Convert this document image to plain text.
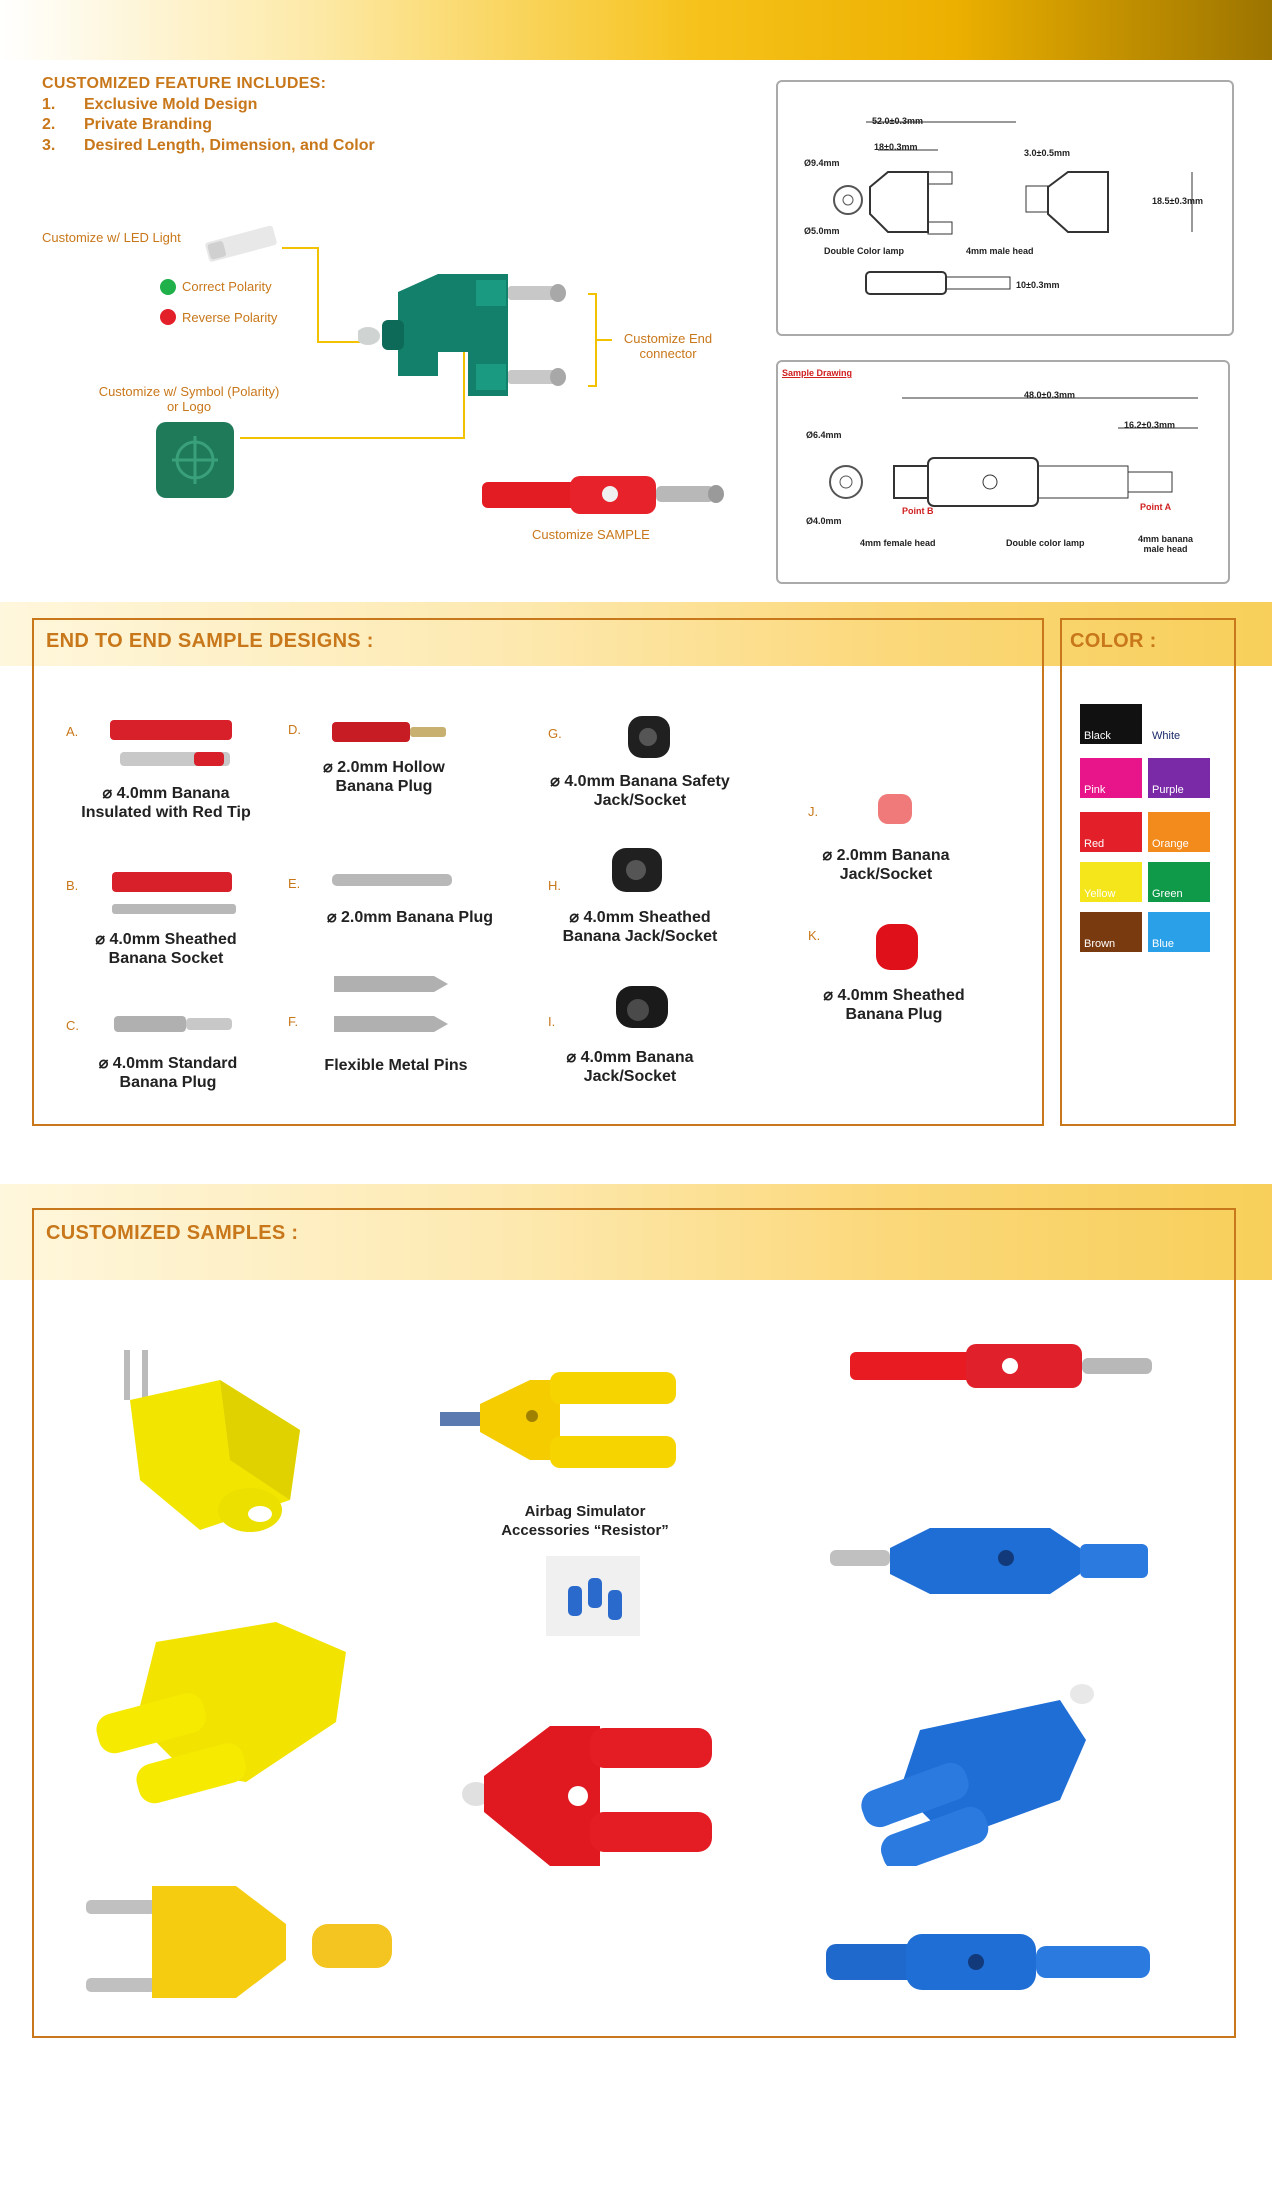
CUSTOMIZED FEATURE INCLUDES:
1. Exclusive Mold Design
2. Private Branding
3. Desired Length, Dimension, and Color
Customize w/ LED Light
Correct Polarity
Reverse Polarity
Customize End
connector
Customize w/ Symbol (Polarity)
or Logo
Customize SAMPLE
52.0±0.3mm
18±0.3mm
3.0±0.5mm
Ø9.4mm
Ø5.0mm
18.5±0.3mm
Double Color lamp	4mm male head
10±0.3mm
Sample Drawing
48.0±0.3mm
16.2±0.3mm
Ø6.4mm
Ø4.0mm
Point B	Point A
4mm female head	Double color lamp	4mm banana
male head
END TO END SAMPLE DESIGNS :	COLOR :
A.
⌀ 4.0mm Banana
Insulated with Red Tip
B.
⌀ 4.0mm Sheathed
Banana Socket
C.
⌀ 4.0mm Standard
Banana Plug
D.
⌀ 2.0mm Hollow
Banana Plug
E.
⌀ 2.0mm Banana Plug
F.
Flexible Metal Pins
G.
⌀ 4.0mm Banana Safety
Jack/Socket
H.
⌀ 4.0mm Sheathed
Banana Jack/Socket
I.
⌀ 4.0mm Banana
Jack/Socket
J.
⌀ 2.0mm Banana
Jack/Socket
K.
⌀ 4.0mm Sheathed
Banana Plug
Black	White
Pink	Purple
Red	Orange
Yellow	Green
Brown	Blue
CUSTOMIZED SAMPLES :
Airbag Simulator
Accessories “Resistor”
